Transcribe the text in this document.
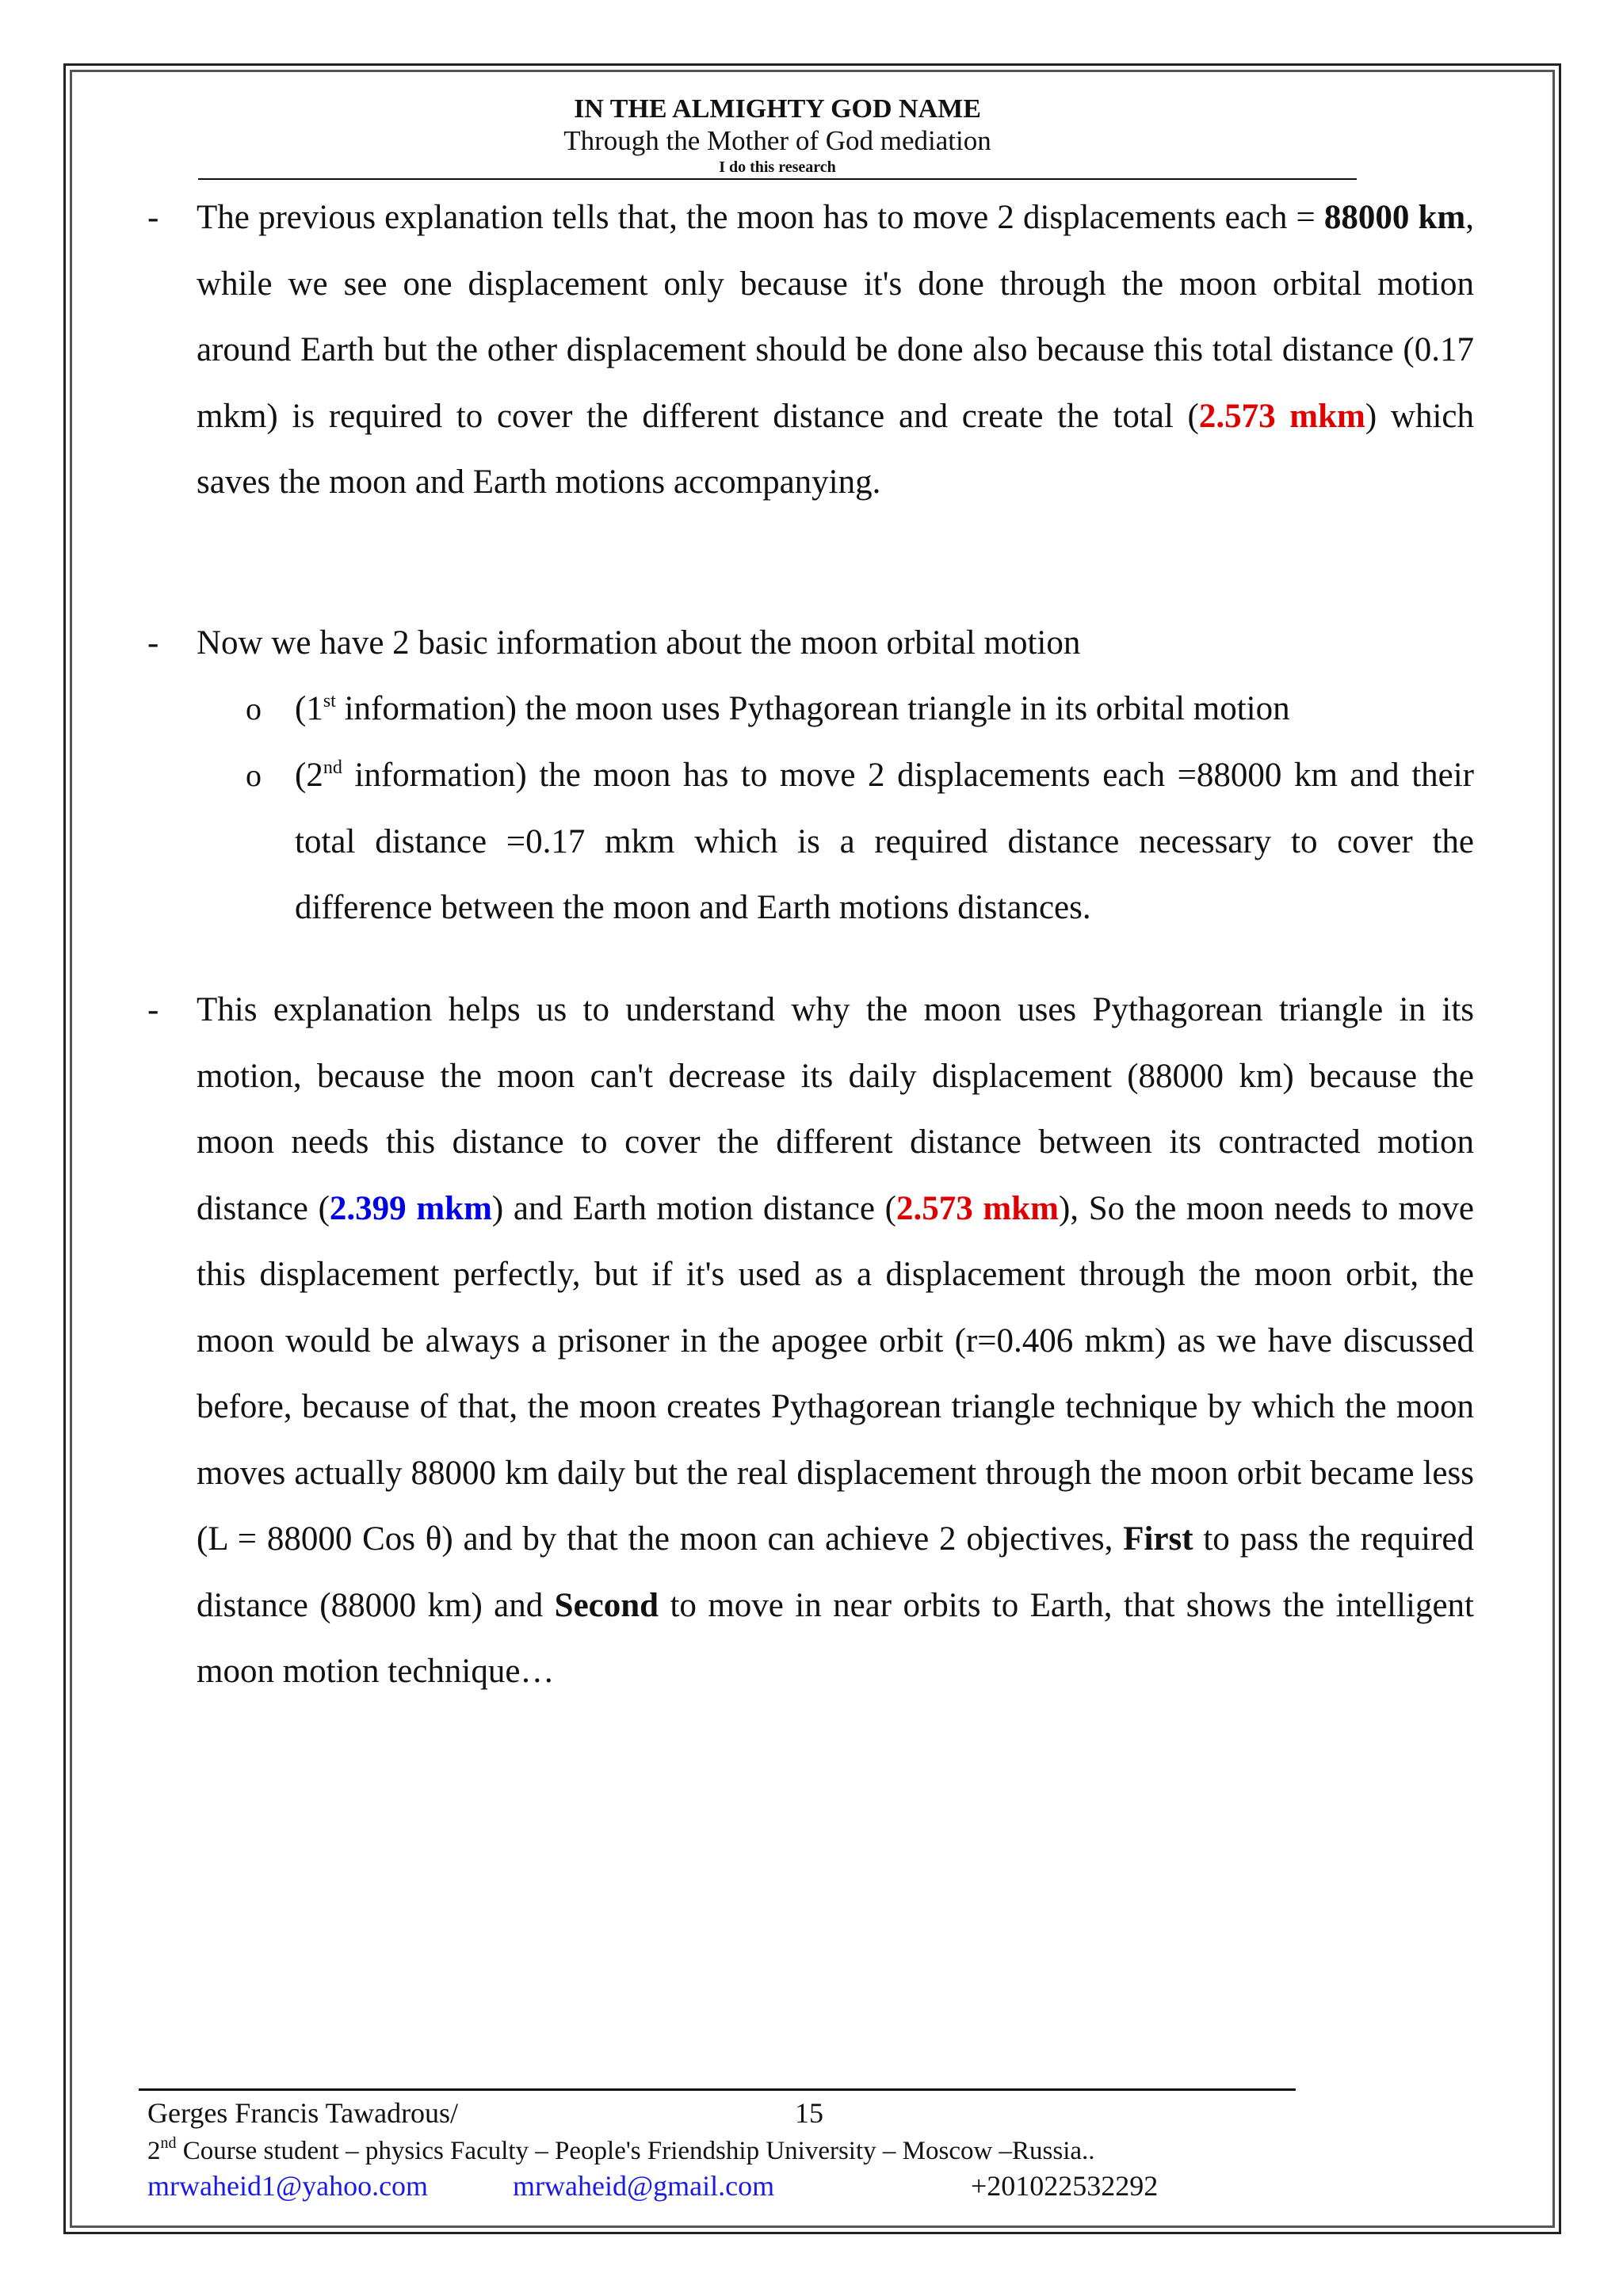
IN THE ALMIGHTY GOD NAME
Through the Mother of God mediation
I do this research
- The previous explanation tells that, the moon has to move 2 displacements each = 88000 km, while we see one displacement only because it's done through the moon orbital motion around Earth but the other displacement should be done also because this total distance (0.17 mkm) is required to cover the different distance and create the total (2.573 mkm) which saves the moon and Earth motions accompanying.
- Now we have 2 basic information about the moon orbital motion
o (1st information) the moon uses Pythagorean triangle in its orbital motion
o (2nd information) the moon has to move 2 displacements each =88000 km and their total distance =0.17 mkm which is a required distance necessary to cover the difference between the moon and Earth motions distances.
- This explanation helps us to understand why the moon uses Pythagorean triangle in its motion, because the moon can't decrease its daily displacement (88000 km) because the moon needs this distance to cover the different distance between its contracted motion distance (2.399 mkm) and Earth motion distance (2.573 mkm), So the moon needs to move this displacement perfectly, but if it's used as a displacement through the moon orbit, the moon would be always a prisoner in the apogee orbit (r=0.406 mkm) as we have discussed before, because of that, the moon creates Pythagorean triangle technique by which the moon moves actually 88000 km daily but the real displacement through the moon orbit became less (L = 88000 Cos θ) and by that the moon can achieve 2 objectives, First to pass the required distance (88000 km) and Second to move in near orbits to Earth, that shows the intelligent moon motion technique…
Gerges Francis Tawadrous/	15
2nd Course student – physics Faculty – People's Friendship University – Moscow –Russia..
mrwaheid1@yahoo.com	mrwaheid@gmail.com	+201022532292
